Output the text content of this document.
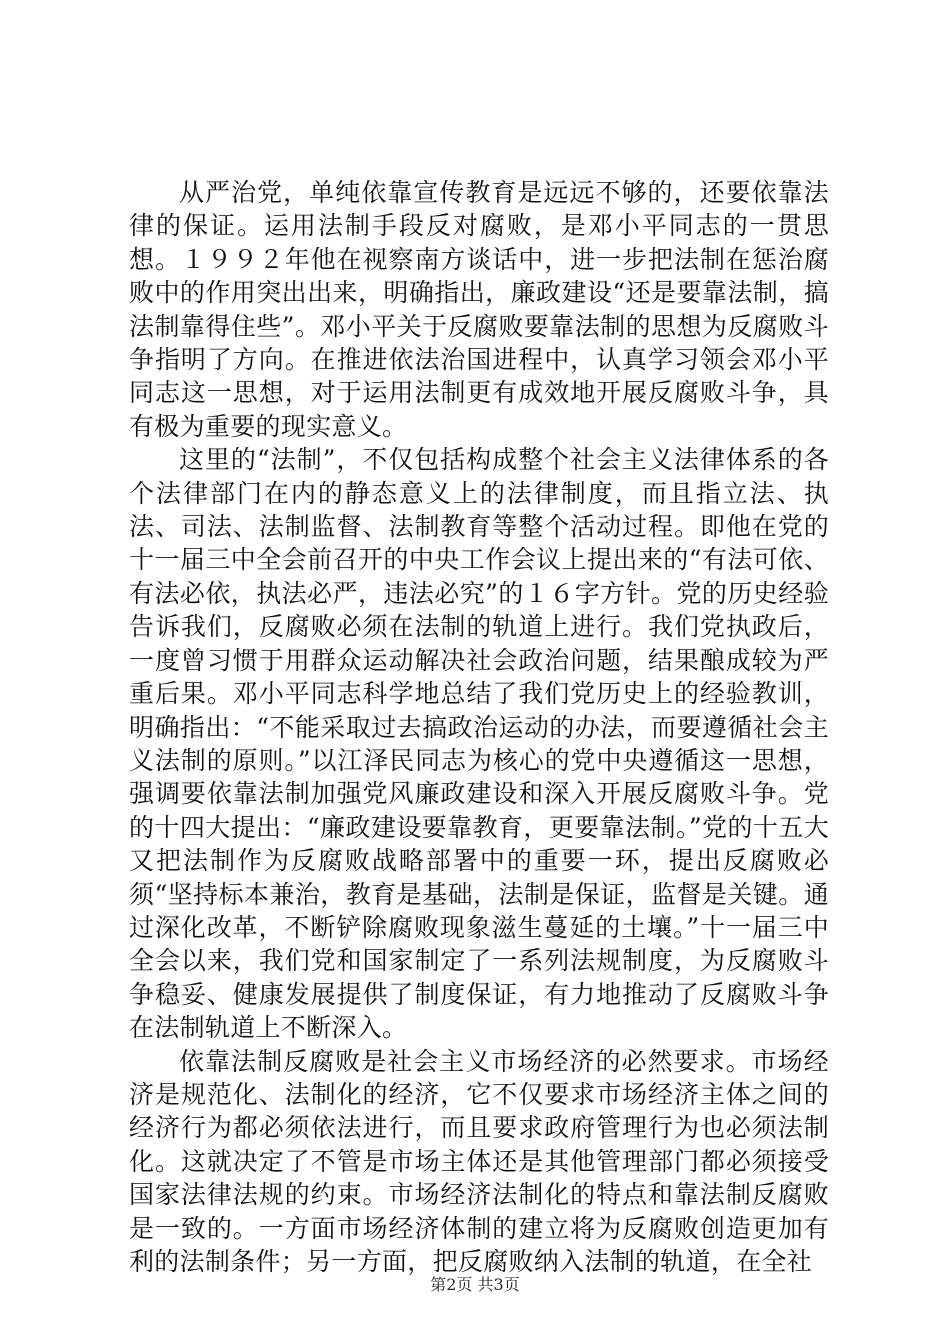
从严治党，单纯依靠宣传教育是远远不够的，还要依靠法律的保证。运用法制手段反对腐败，是邓小平同志的一贯思想。１９９２年他在视察南方谈话中，进一步把法制在惩治腐败中的作用突出出来，明确指出，廉政建设“还是要靠法制，搞法制靠得住些”。邓小平关于反腐败要靠法制的思想为反腐败斗争指明了方向。在推进依法治国进程中，认真学习领会邓小平同志这一思想，对于运用法制更有成效地开展反腐败斗争，具有极为重要的现实意义。

这里的“法制”，不仅包括构成整个社会主义法律体系的各个法律部门在内的静态意义上的法律制度，而且指立法、执法、司法、法制监督、法制教育等整个活动过程。即他在党的十一届三中全会前召开的中央工作会议上提出来的“有法可依、有法必依，执法必严，违法必究”的１６字方针。党的历史经验告诉我们，反腐败必须在法制的轨道上进行。我们党执政后，一度曾习惯于用群众运动解决社会政治问题，结果酿成较为严重后果。邓小平同志科学地总结了我们党历史上的经验教训，明确指出：“不能采取过去搞政治运动的办法，而要遵循社会主义法制的原则。”以江泽民同志为核心的党中央遵循这一思想，强调要依靠法制加强党风廉政建设和深入开展反腐败斗争。党的十四大提出：“廉政建设要靠教育，更要靠法制。”党的十五大又把法制作为反腐败战略部署中的重要一环，提出反腐败必须“坚持标本兼治，教育是基础，法制是保证，监督是关键。通过深化改革，不断铲除腐败现象滋生蔓延的土壤。”十一届三中全会以来，我们党和国家制定了一系列法规制度，为反腐败斗争稳妥、健康发展提供了制度保证，有力地推动了反腐败斗争在法制轨道上不断深入。

依靠法制反腐败是社会主义市场经济的必然要求。市场经济是规范化、法制化的经济，它不仅要求市场经济主体之间的经济行为都必须依法进行，而且要求政府管理行为也必须法制化。这就决定了不管是市场主体还是其他管理部门都必须接受国家法律法规的约束。市场经济法制化的特点和靠法制反腐败是一致的。一方面市场经济体制的建立将为反腐败创造更加有利的法制条件；另一方面，把反腐败纳入法制的轨道，在全社

第2页 共3页
